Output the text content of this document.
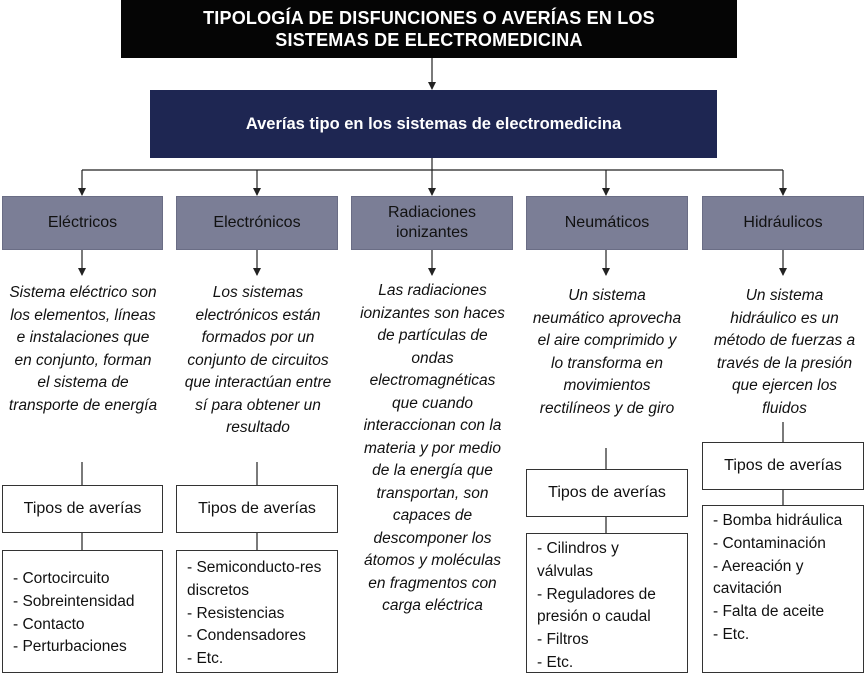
TIPOLOGÍA DE DISFUNCIONES O AVERÍAS EN LOS SISTEMAS DE ELECTROMEDICINA
Averías tipo en los sistemas de electromedicina
Eléctricos	Electrónicos
Radiaciones ionizantes
Neumáticos	Hidráulicos
Sistema eléctrico son los elementos, líneas e instalaciones que en conjunto, forman el sistema de transporte de energía
Los sistemas electrónicos están formados por un conjunto de circuitos que interactúan entre sí para obtener un resultado
Las radiaciones ionizantes son haces de partículas de ondas electromagnéticas que cuando interaccionan con la materia y por medio de la energía que transportan, son capaces de descomponer los átomos y moléculas en fragmentos con carga eléctrica
Un sistema neumático aprovecha el aire comprimido y lo transforma en movimientos rectilíneos y de giro
Un sistema hidráulico es un método de fuerzas a través de la presión que ejercen los fluidos
Tipos de averías	Tipos de averías
Tipos de averías
Tipos de averías
- Cortocircuito
- Sobreintensidad
- Contacto
- Perturbaciones
- Semiconducto-res discretos
- Resistencias
- Condensadores
- Etc.
- Cilindros y válvulas
- Reguladores de presión o caudal
- Filtros
- Etc.
- Bomba hidráulica
- Contaminación
- Aereación y cavitación
- Falta de aceite
- Etc.
